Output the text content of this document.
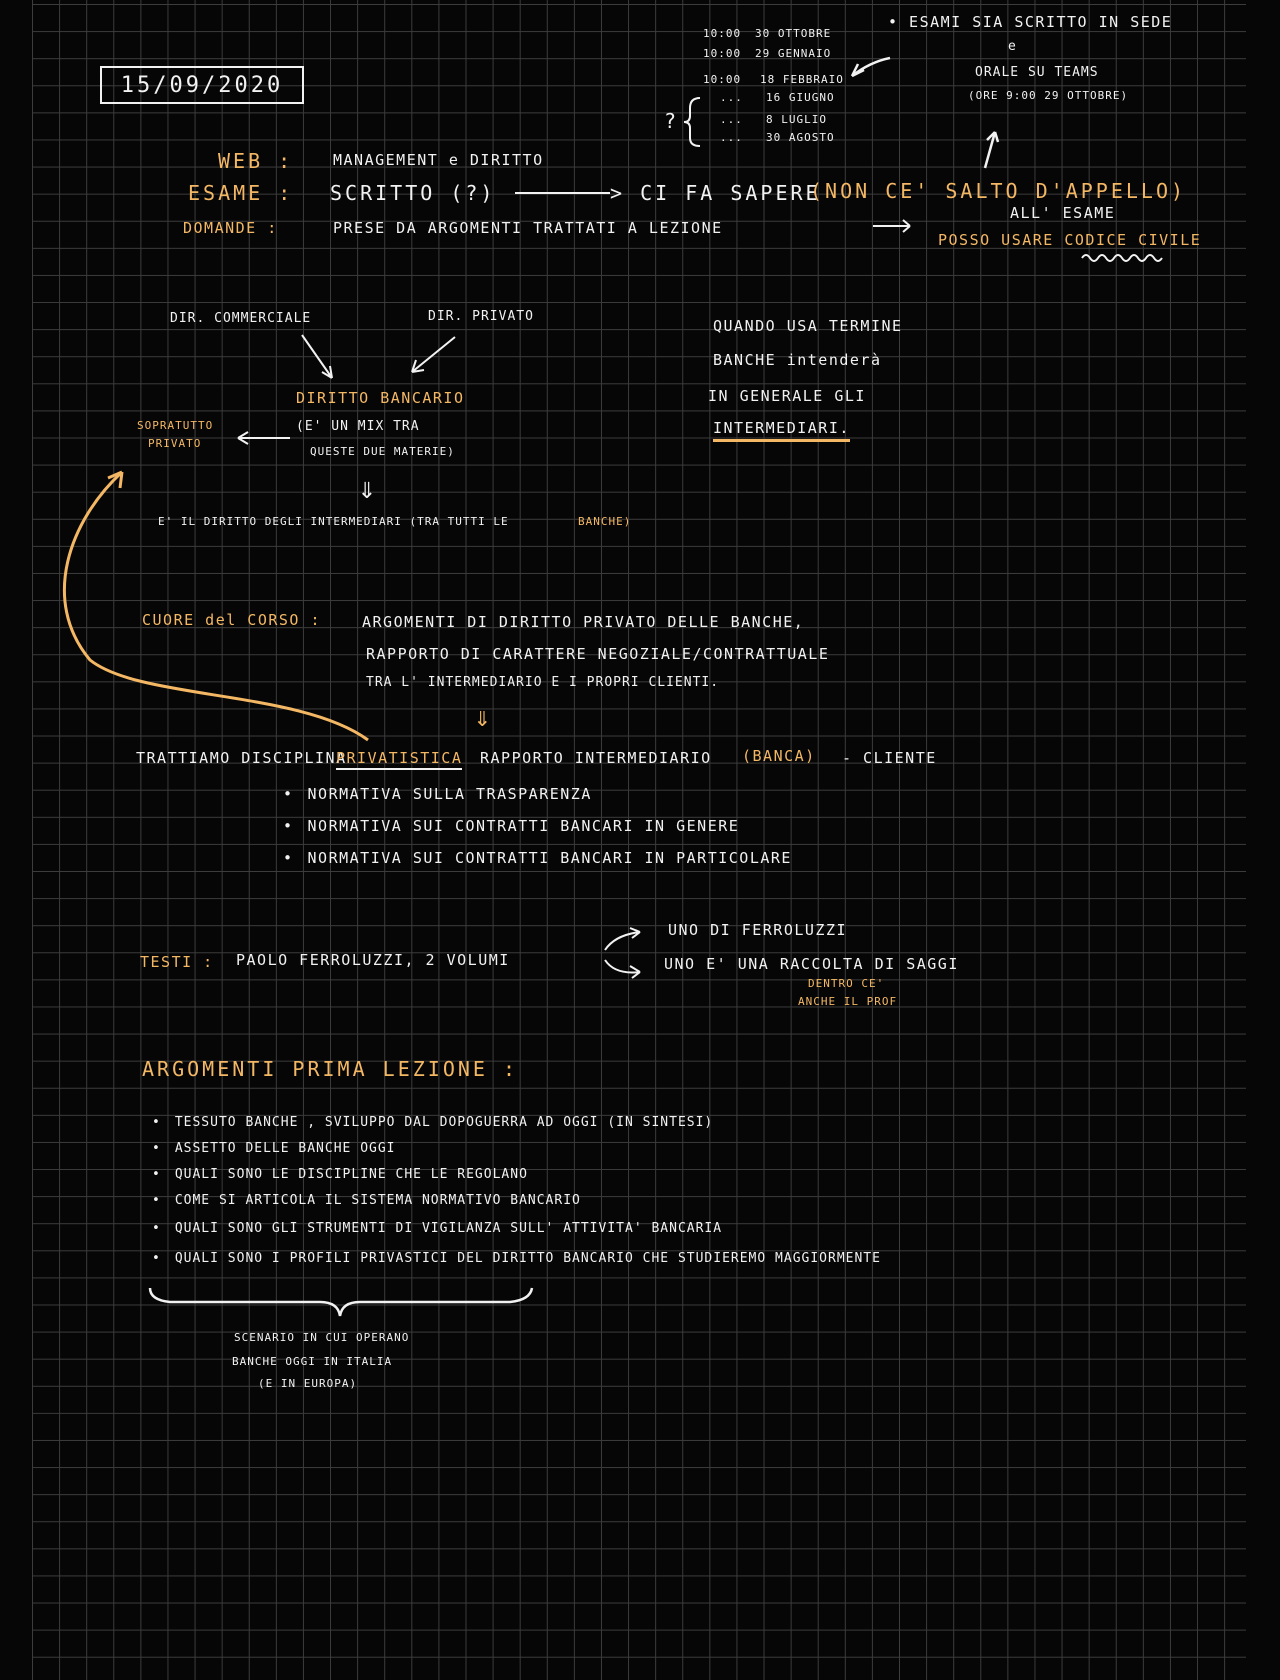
15/09/2020
10:00 30 OTTOBRE
10:00 29 GENNAIO
10:00 18 FEBBRAIO
... 16 GIUGNO
... 8 LUGLIO
... 30 AGOSTO
?
• ESAMI SIA SCRITTO IN SEDE
e
ORALE SU TEAMS
(ORE 9:00 29 OTTOBRE)
WEB :	MANAGEMENT e DIRITTO
ESAME : SCRITTO (?)	> CI FA SAPERE
(NON CE' SALTO D'APPELLO)
ALL' ESAME
POSSO USARE CODICE CIVILE
DOMANDE :	PRESE DA ARGOMENTI TRATTATI A LEZIONE
DIR. COMMERCIALE	DIR. PRIVATO
DIRITTO BANCARIO
(E' UN MIX TRA
QUESTE DUE MATERIE)
SOPRATUTTO
PRIVATO
⇓
E' IL DIRITTO DEGLI INTERMEDIARI (TRA TUTTI LE	BANCHE)
QUANDO USA TERMINE
BANCHE intenderà
IN GENERALE GLI
INTERMEDIARI.
CUORE del CORSO :	ARGOMENTI DI DIRITTO PRIVATO DELLE BANCHE,
RAPPORTO DI CARATTERE NEGOZIALE/CONTRATTUALE
TRA L' INTERMEDIARIO E I PROPRI CLIENTI.
⇓
TRATTIAMO DISCIPLINA
PRIVATISTICA RAPPORTO INTERMEDIARIO (BANCA) - CLIENTE
• NORMATIVA SULLA TRASPARENZA
• NORMATIVA SUI CONTRATTI BANCARI IN GENERE
• NORMATIVA SUI CONTRATTI BANCARI IN PARTICOLARE
TESTI : PAOLO FERROLUZZI, 2 VOLUMI
UNO DI FERROLUZZI
UNO E' UNA RACCOLTA DI SAGGI
DENTRO CE'
ANCHE IL PROF
ARGOMENTI PRIMA LEZIONE :
• TESSUTO BANCHE , SVILUPPO DAL DOPOGUERRA AD OGGI (IN SINTESI)
• ASSETTO DELLE BANCHE OGGI
• QUALI SONO LE DISCIPLINE CHE LE REGOLANO
• COME SI ARTICOLA IL SISTEMA NORMATIVO BANCARIO
• QUALI SONO GLI STRUMENTI DI VIGILANZA SULL' ATTIVITA' BANCARIA
• QUALI SONO I PROFILI PRIVASTICI DEL DIRITTO BANCARIO CHE STUDIEREMO MAGGIORMENTE
SCENARIO IN CUI OPERANO
BANCHE OGGI IN ITALIA
(E IN EUROPA)
